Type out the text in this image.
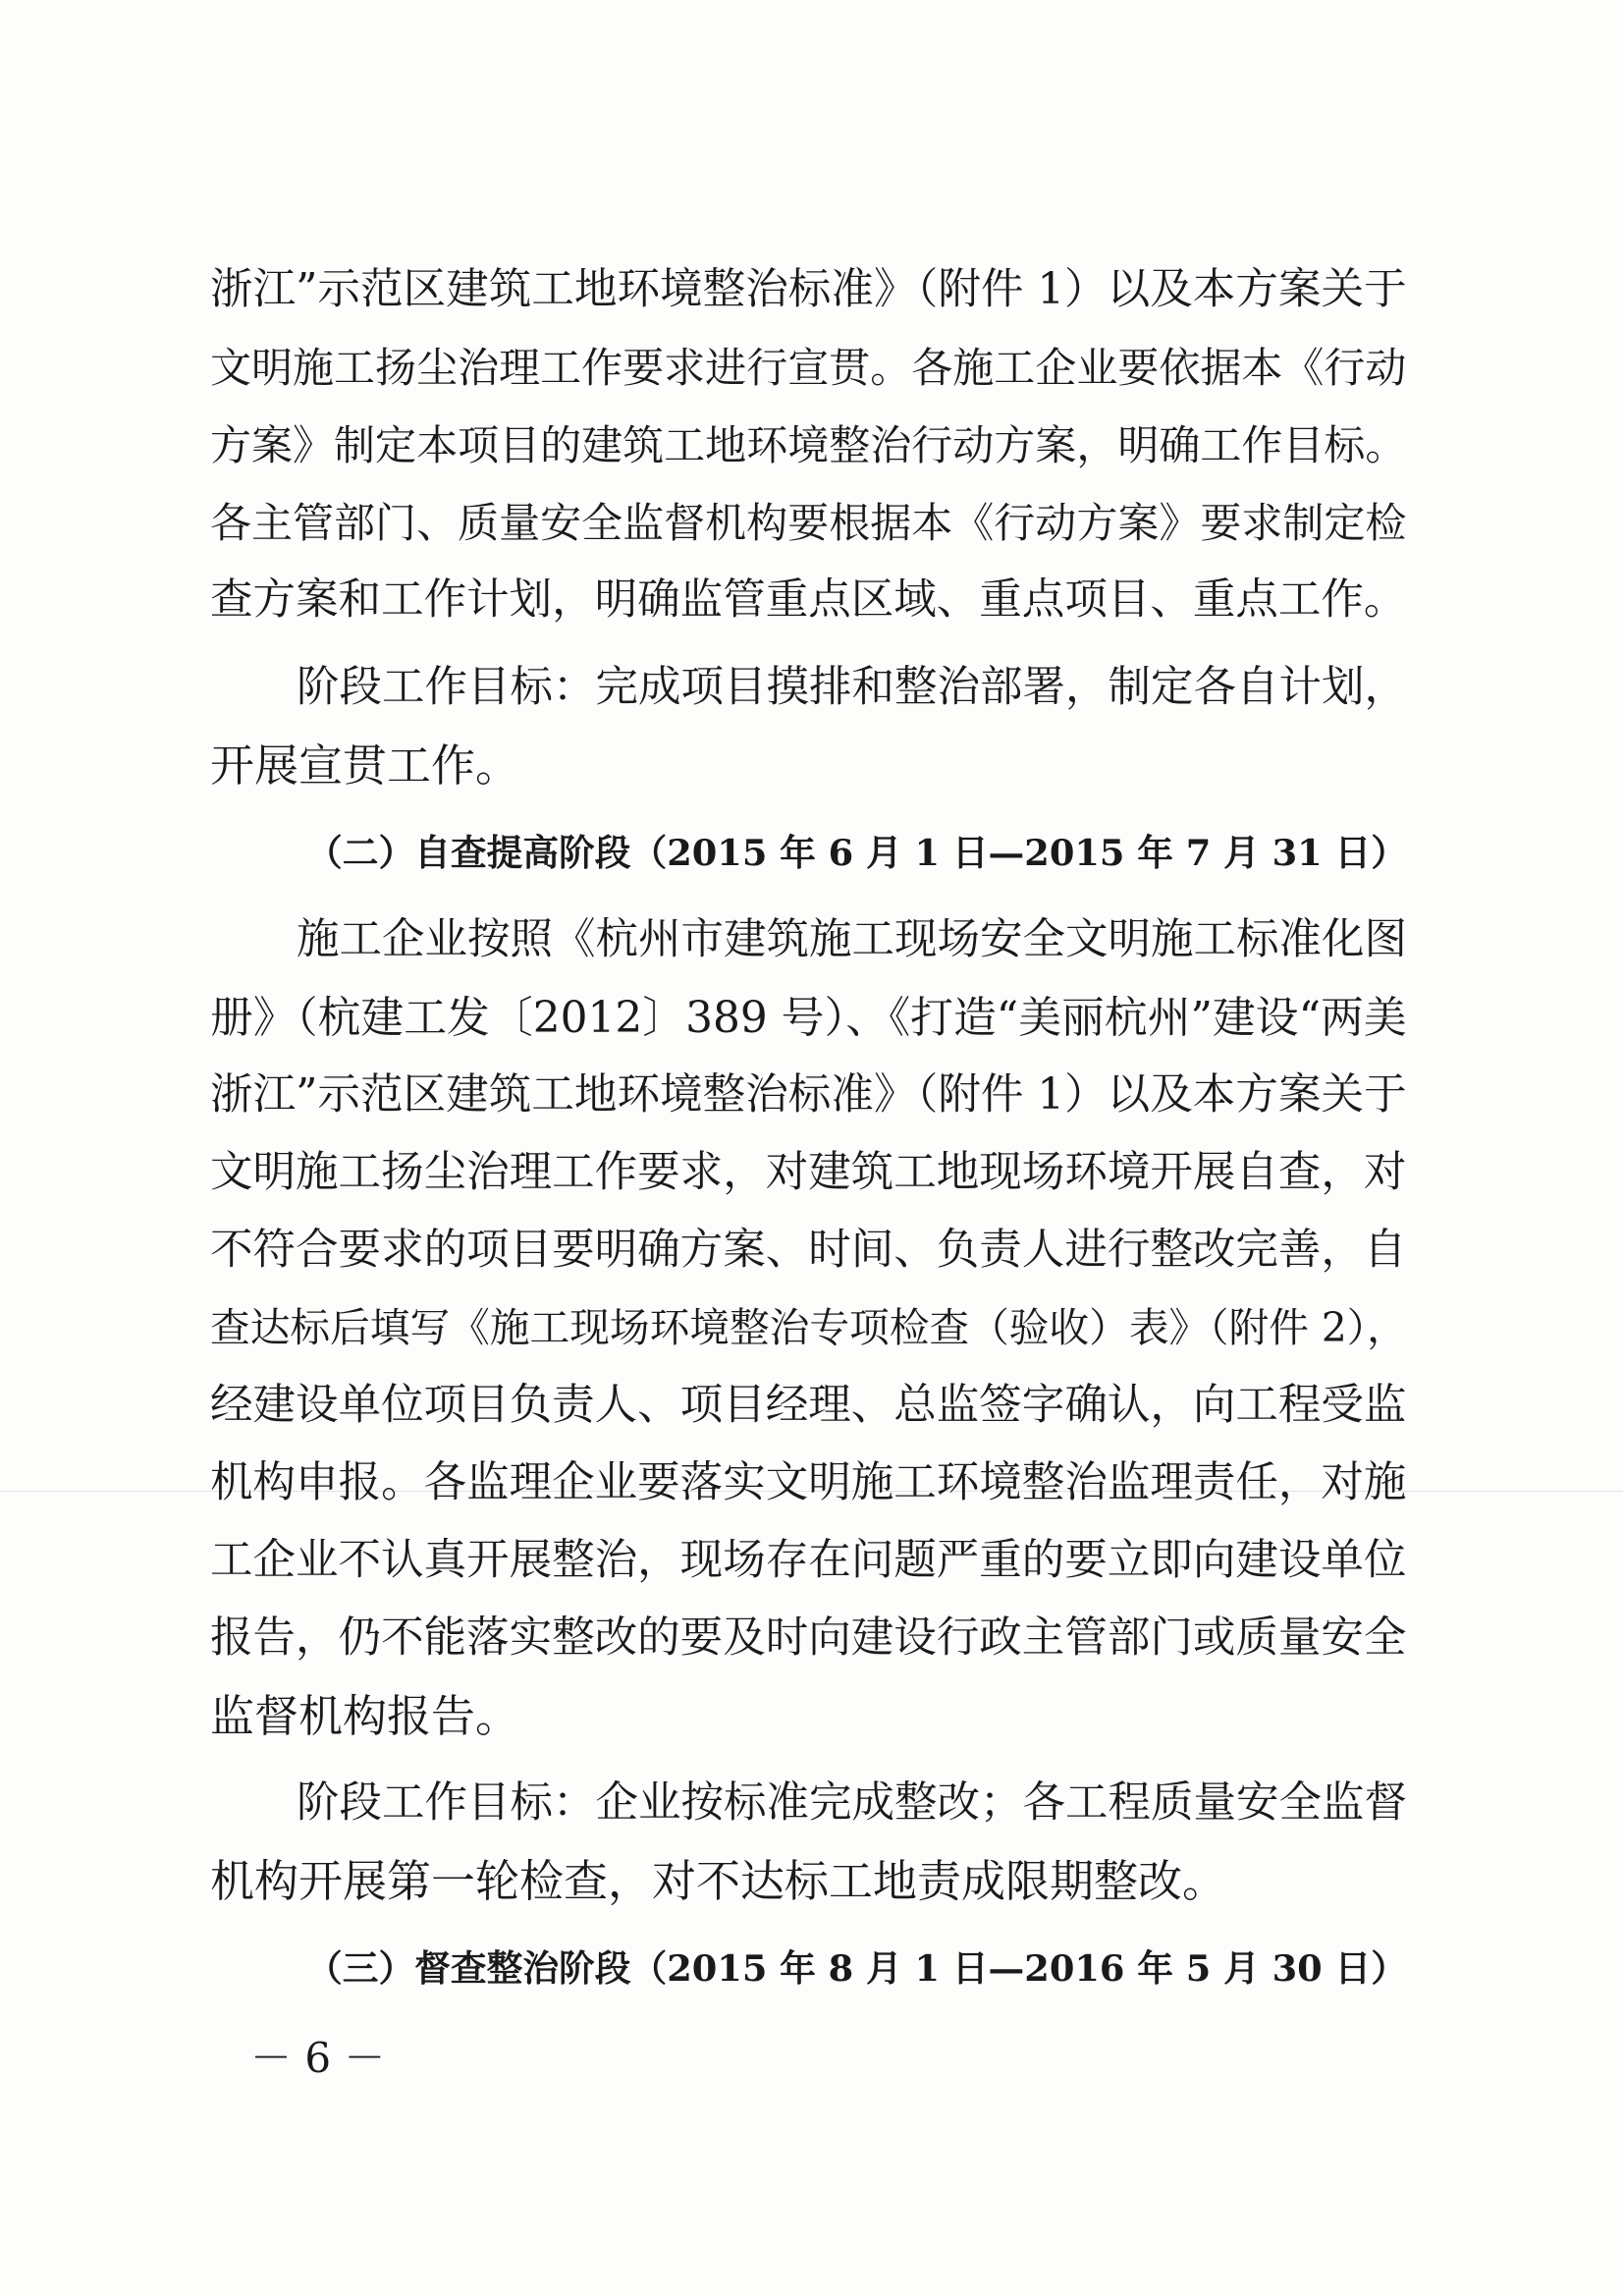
浙江”示范区建筑工地环境整治标准》（附件 1）以及本方案关于
文明施工扬尘治理工作要求进行宣贯。各施工企业要依据本《行动
方案》制定本项目的建筑工地环境整治行动方案，明确工作目标。
各主管部门、质量安全监督机构要根据本《行动方案》要求制定检
查方案和工作计划，明确监管重点区域、重点项目、重点工作。
阶段工作目标：完成项目摸排和整治部署，制定各自计划，
开展宣贯工作。
（二）自查提高阶段（2015 年 6 月 1 日—2015 年 7 月 31 日）
施工企业按照《杭州市建筑施工现场安全文明施工标准化图
册》（杭建工发〔2012〕389 号）、《打造“美丽杭州”建设“两美
浙江”示范区建筑工地环境整治标准》（附件 1）以及本方案关于
文明施工扬尘治理工作要求，对建筑工地现场环境开展自查，对
不符合要求的项目要明确方案、时间、负责人进行整改完善，自
查达标后填写《施工现场环境整治专项检查（验收）表》（附件 2），
经建设单位项目负责人、项目经理、总监签字确认，向工程受监
机构申报。各监理企业要落实文明施工环境整治监理责任，对施
工企业不认真开展整治，现场存在问题严重的要立即向建设单位
报告，仍不能落实整改的要及时向建设行政主管部门或质量安全
监督机构报告。
阶段工作目标：企业按标准完成整改；各工程质量安全监督
机构开展第一轮检查，对不达标工地责成限期整改。
（三）督查整治阶段（2015 年 8 月 1 日—2016 年 5 月 30 日）
－ 6 －
